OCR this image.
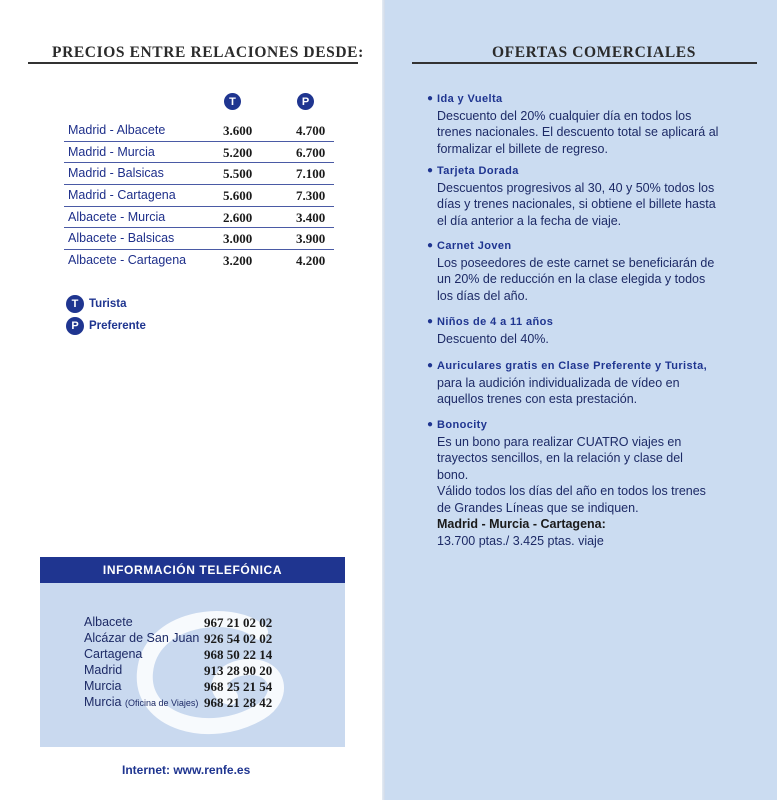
PRECIOS ENTRE RELACIONES DESDE:
T	P
Madrid - Albacete	3.600	4.700
Madrid - Murcia	5.200	6.700
Madrid - Balsicas	5.500	7.100
Madrid - Cartagena	5.600	7.300
Albacete - Murcia	2.600	3.400
Albacete - Balsicas	3.000	3.900
Albacete - Cartagena	3.200	4.200
T Turista
P Preferente
INFORMACIÓN TELEFÓNICA
Albacete	967 21 02 02
Alcázar de San Juan 926 54 02 02
Cartagena	968 50 22 14
Madrid	913 28 90 20
Murcia	968 25 21 54
Murcia (Oficina de Viajes) 968 21 28 42
Internet: www.renfe.es
OFERTAS COMERCIALES
● Ida y Vuelta
Descuento del 20% cualquier día en todos los
trenes nacionales. El descuento total se aplicará al
formalizar el billete de regreso.
● Tarjeta Dorada
Descuentos progresivos al 30, 40 y 50% todos los
días y trenes nacionales, si obtiene el billete hasta
el día anterior a la fecha de viaje.
● Carnet Joven
Los poseedores de este carnet se beneficiarán de
un 20% de reducción en la clase elegida y todos
los días del año.
● Niños de 4 a 11 años
Descuento del 40%.
● Auriculares gratis en Clase Preferente y Turista,
para la audición individualizada de vídeo en
aquellos trenes con esta prestación.
● Bonocity
Es un bono para realizar CUATRO viajes en
trayectos sencillos, en la relación y clase del
bono.
Válido todos los días del año en todos los trenes
de Grandes Líneas que se indiquen.
Madrid - Murcia - Cartagena:
13.700 ptas./ 3.425 ptas. viaje
